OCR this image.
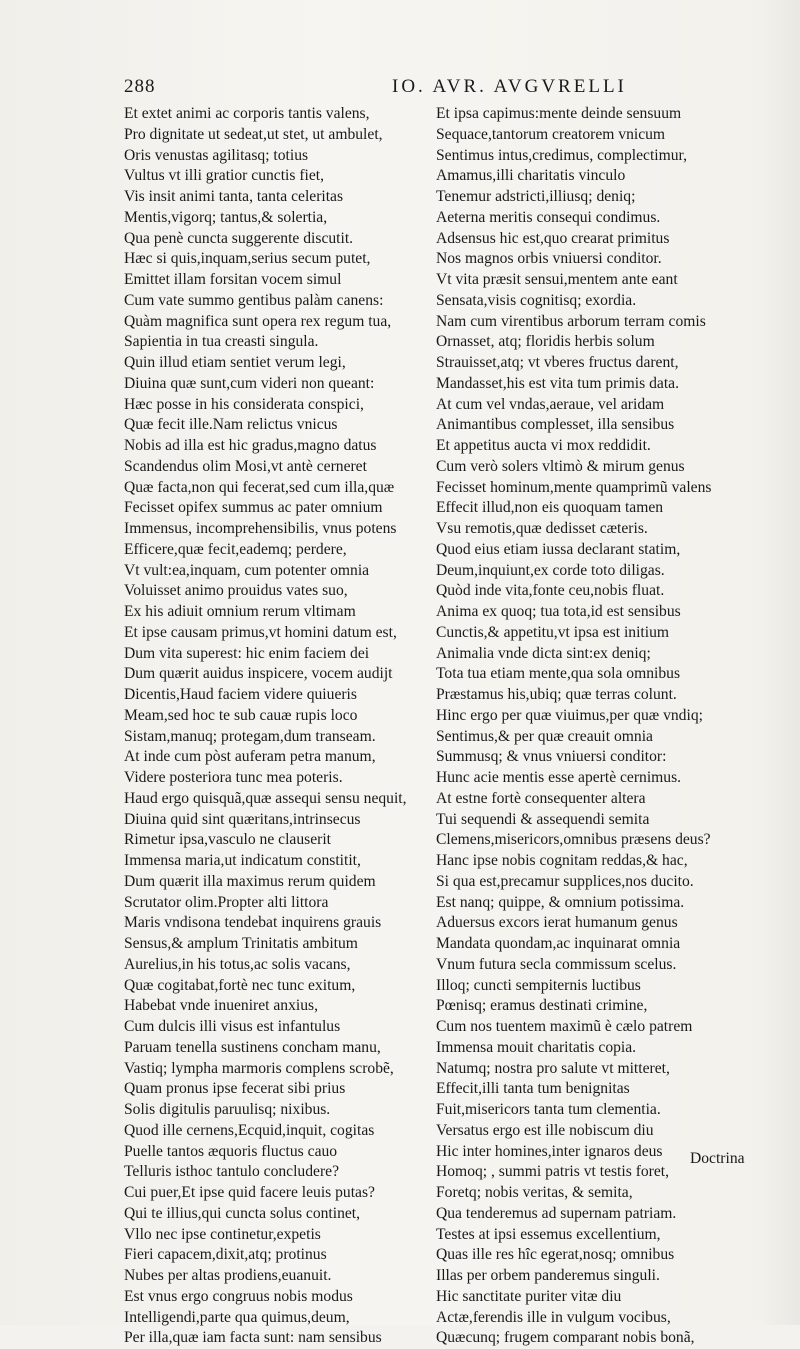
288	IO. AVR. AVGVRELLI
Et extet animi ac corporis tantis valens,
Pro dignitate ut sedeat,ut stet, ut ambulet,
Oris venustas agilitasq; totius
Vultus vt illi gratior cunctis fiet,
Vis insit animi tanta, tanta celeritas
Mentis,vigorq; tantus,& solertia,
Qua penè cuncta suggerente discutit.
Hæc si quis,inquam,serius secum putet,
Emittet illam forsitan vocem simul
Cum vate summo gentibus palàm canens:
Quàm magnifica sunt opera rex regum tua,
Sapientia in tua creasti singula.
Quin illud etiam sentiet verum legi,
Diuina quæ sunt,cum videri non queant:
Hæc posse in his considerata conspici,
Quæ fecit ille.Nam relictus vnicus
Nobis ad illa est hic gradus,magno datus
Scandendus olim Mosi,vt antè cerneret
Quæ facta,non qui fecerat,sed cum illa,quæ
Fecisset opifex summus ac pater omnium
Immensus, incomprehensibilis, vnus potens
Efficere,quæ fecit,eademq; perdere,
Vt vult:ea,inquam, cum potenter omnia
Voluisset animo prouidus vates suo,
Ex his adiuit omnium rerum vltimam
Et ipse causam primus,vt homini datum est,
Dum vita superest: hic enim faciem dei
Dum quærit auidus inspicere, vocem audijt
Dicentis,Haud faciem videre quiueris
Meam,sed hoc te sub cauæ rupis loco
Sistam,manuq; protegam,dum transeam.
At inde cum pòst auferam petra manum,
Videre posteriora tunc mea poteris.
Haud ergo quisquã,quæ assequi sensu nequit,
Diuina quid sint quæritans,intrinsecus
Rimetur ipsa,vasculo ne clauserit
Immensa maria,ut indicatum constitit,
Dum quærit illa maximus rerum quidem
Scrutator olim.Propter alti littora
Maris vndisona tendebat inquirens grauis
Sensus,& amplum Trinitatis ambitum
Aurelius,in his totus,ac solis vacans,
Quæ cogitabat,fortè nec tunc exitum,
Habebat vnde inueniret anxius,
Cum dulcis illi visus est infantulus
Paruam tenella sustinens concham manu,
Vastiq; lympha marmoris complens scrobẽ,
Quam pronus ipse fecerat sibi prius
Solis digitulis paruulisq; nixibus.
Quod ille cernens,Ecquid,inquit, cogitas
Puelle tantos æquoris fluctus cauo
Telluris isthoc tantulo concludere?
Cui puer,Et ipse quid facere leuis putas?
Qui te illius,qui cuncta solus continet,
Vllo nec ipse continetur,expetis
Fieri capacem,dixit,atq; protinus
Nubes per altas prodiens,euanuit.
Est vnus ergo congruus nobis modus
Intelligendi,parte qua quimus,deum,
Per illa,quæ iam facta sunt: nam sensibus
Et ipsa capimus:mente deinde sensuum
Sequace,tantorum creatorem vnicum
Sentimus intus,credimus, complectimur,
Amamus,illi charitatis vinculo
Tenemur adstricti,illiusq; deniq;
Aeterna meritis consequi condimus.
Adsensus hic est,quo crearat primitus
Nos magnos orbis vniuersi conditor.
Vt vita præsit sensui,mentem ante eant
Sensata,visis cognitisq; exordia.
Nam cum virentibus arborum terram comis
Ornasset, atq; floridis herbis solum
Strauisset,atq; vt vberes fructus darent,
Mandasset,his est vita tum primis data.
At cum vel vndas,aeraue, vel aridam
Animantibus complesset, illa sensibus
Et appetitus aucta vi mox reddidit.
Cum verò solers vltimò & mirum genus
Fecisset hominum,mente quamprimũ valens
Effecit illud,non eis quoquam tamen
Vsu remotis,quæ dedisset cæteris.
Quod eius etiam iussa declarant statim,
Deum,inquiunt,ex corde toto diligas.
Quòd inde vita,fonte ceu,nobis fluat.
Anima ex quoq; tua tota,id est sensibus
Cunctis,& appetitu,vt ipsa est initium
Animalia vnde dicta sint:ex deniq;
Tota tua etiam mente,qua sola omnibus
Præstamus his,ubiq; quæ terras colunt.
Hinc ergo per quæ viuimus,per quæ vndiq;
Sentimus,& per quæ creauit omnia
Summusq; & vnus vniuersi conditor:
Hunc acie mentis esse apertè cernimus.
At estne fortè consequenter altera
Tui sequendi & assequendi semita
Clemens,misericors,omnibus præsens deus?
Hanc ipse nobis cognitam reddas,& hac,
Si qua est,precamur supplices,nos ducito.
Est nanq; quippe, & omnium potissima.
Aduersus excors ierat humanum genus
Mandata quondam,ac inquinarat omnia
Vnum futura secla commissum scelus.
Illoq; cuncti sempiternis luctibus
Pœnisq; eramus destinati crimine,
Cum nos tuentem maximũ è cælo patrem
Immensa mouit charitatis copia.
Natumq; nostra pro salute vt mitteret,
Effecit,illi tanta tum benignitas
Fuit,misericors tanta tum clementia.
Versatus ergo est ille nobiscum diu
Hic inter homines,inter ignaros deus
Homoq; , summi patris vt testis foret,
Foretq; nobis veritas, & semita,
Qua tenderemus ad supernam patriam.
Testes at ipsi essemus excellentium,
Quas ille res hîc egerat,nosq; omnibus
Illas per orbem panderemus singuli.
Hic sanctitate puriter vitæ diu
Actæ,ferendis ille in vulgum vocibus,
Quæcunq; frugem comparant nobis bonã,
Doctrina
